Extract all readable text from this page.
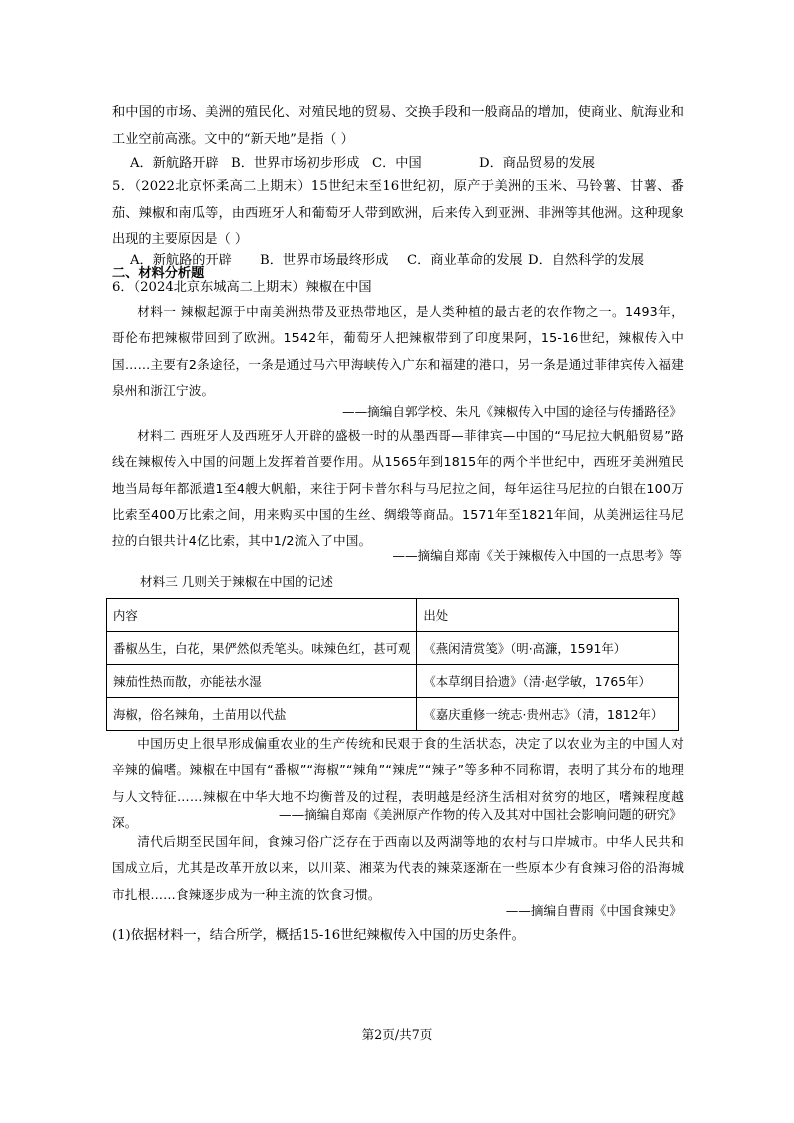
和中国的市场、美洲的殖民化、对殖民地的贸易、交换手段和一般商品的增加，使商业、航海业和工业空前高涨。文中的“新天地”是指（ ）

A．新航路开辟 B．世界市场初步形成 C．中国	D．商品贸易的发展

5．（2022北京怀柔高二上期末）15世纪末至16世纪初，原产于美洲的玉米、马铃薯、甘薯、番茄、辣椒和南瓜等，由西班牙人和葡萄牙人带到欧洲，后来传入到亚洲、非洲等其他洲。这种现象出现的主要原因是（ ）

A．新航路的开辟 B．世界市场最终形成 C．商业革命的发展 D．自然科学的发展
二、材料分析题

6．（2024北京东城高二上期末）辣椒在中国

材料一 辣椒起源于中南美洲热带及亚热带地区，是人类种植的最古老的农作物之一。1493年，哥伦布把辣椒带回到了欧洲。1542年，葡萄牙人把辣椒带到了印度果阿，15-16世纪，辣椒传入中国……主要有2条途径，一条是通过马六甲海峡传入广东和福建的港口，另一条是通过菲律宾传入福建泉州和浙江宁波。

——摘编自郭学校、朱凡《辣椒传入中国的途径与传播路径》

材料二 西班牙人及西班牙人开辟的盛极一时的从墨西哥—菲律宾—中国的“马尼拉大帆船贸易”路线在辣椒传入中国的问题上发挥着首要作用。从1565年到1815年的两个半世纪中，西班牙美洲殖民地当局每年都派遣1至4艘大帆船，来往于阿卡普尔科与马尼拉之间，每年运往马尼拉的白银在100万比索至400万比索之间，用来购买中国的生丝、绸缎等商品。1571年至1821年间，从美洲运往马尼拉的白银共计4亿比索，其中1/2流入了中国。

——摘编自郑南《关于辣椒传入中国的一点思考》等
材料三 几则关于辣椒在中国的记述
内容	出处
番椒丛生，白花，果俨然似秃笔头。味辣色红，甚可观	《燕闲清赏笺》（明·高濂，1591年）
辣茄性热而散，亦能祛水湿	《本草纲目拾遗》（清·赵学敏，1765年）
海椒，俗名辣角，土苗用以代盐	《嘉庆重修一统志·贵州志》（清，1812年）

中国历史上很早形成偏重农业的生产传统和民艰于食的生活状态，决定了以农业为主的中国人对辛辣的偏嗜。辣椒在中国有“番椒”“海椒”“辣角”“辣虎”“辣子”等多种不同称谓，表明了其分布的地理与人文特征……辣椒在中华大地不均衡普及的过程，表明越是经济生活相对贫穷的地区，嗜辣程度越深。

——摘编自郑南《美洲原产作物的传入及其对中国社会影响问题的研究》

清代后期至民国年间，食辣习俗广泛存在于西南以及两湖等地的农村与口岸城市。中华人民共和国成立后，尤其是改革开放以来，以川菜、湘菜为代表的辣菜逐渐在一些原本少有食辣习俗的沿海城市扎根……食辣逐步成为一种主流的饮食习惯。

——摘编自曹雨《中国食辣史》

(1)依据材料一，结合所学，概括15-16世纪辣椒传入中国的历史条件。

第2页/共7页
